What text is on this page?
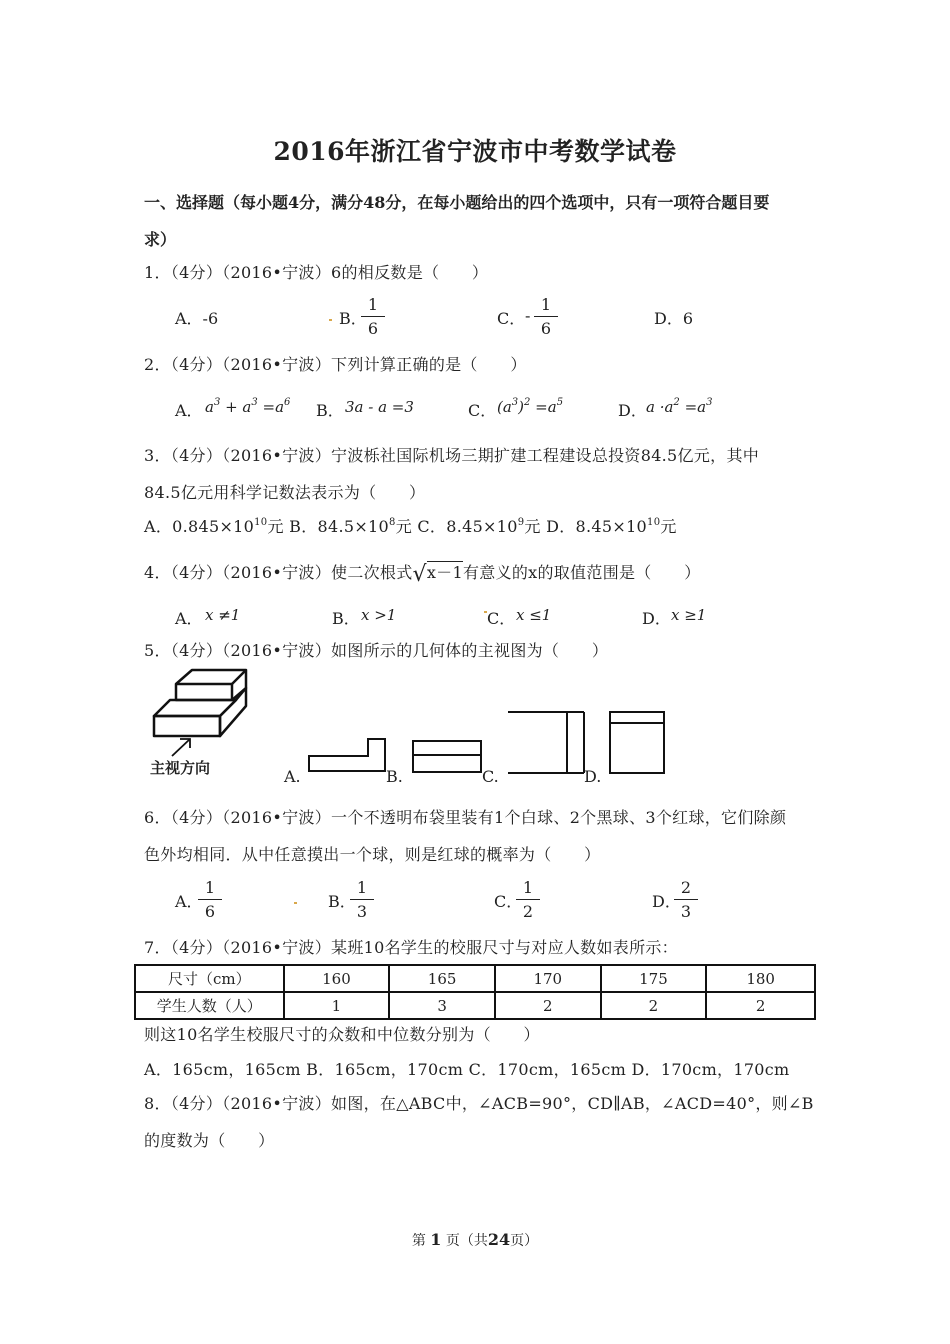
2016年浙江省宁波市中考数学试卷
一、选择题（每小题4分，满分48分，在每小题给出的四个选项中，只有一项符合题目要
求）
1．（4分）（2016•宁波）6的相反数是（　　）
A．-6	B．
$\frac{1}{6}$	C． - $\frac{1}{6}$	D．6
2．（4分）（2016•宁波）下列计算正确的是（　　）
A． $a^3 + a^3 =a^6$ B． 3a - a =3	C． $(a^3)^2 =a^5$	D． $a \cdot a^2 =a^3$
3．（4分）（2016•宁波）宁波栎社国际机场三期扩建工程建设总投资84.5亿元，其中
84.5亿元用科学记数法表示为（　　）
A．$0.845\times 10^{10}$元 B．$84.5\times 10^8$元 C．$8.45\times 10^9$元 D．$8.45\times 10^{10}$元
4．（4分）（2016•宁波）使二次根式√x－1有意义的x的取值范围是（　　）
A． x ≠1	B． x >1	C． x ≤1	D． x ≥1
5．（4分）（2016•宁波）如图所示的几何体的主视图为（　　）
主视方向	A.	B.	C.	D.
6．（4分）（2016•宁波）一个不透明布袋里装有1个白球、2个黑球、3个红球，它们除颜
色外均相同．从中任意摸出一个球，则是红球的概率为（　　）
A．
$\frac{1}{6}$	B．
$\frac{1}{3}$	C．
$\frac{1}{2}$	D．
$\frac{2}{3}$
7．（4分）（2016•宁波）某班10名学生的校服尺寸与对应人数如表所示：
尺寸（cm）	160	165	170	175	180
学生人数（人）	1	3	2	2	2
则这10名学生校服尺寸的众数和中位数分别为（　　）
A．165cm，165cm B．165cm，170cm C．170cm，165cm D．170cm，170cm
8．（4分）（2016•宁波）如图，在△ABC中，∠ACB=90°，CD∥AB，∠ACD=40°，则∠B
的度数为（　　）
第 1 页（共24页）
